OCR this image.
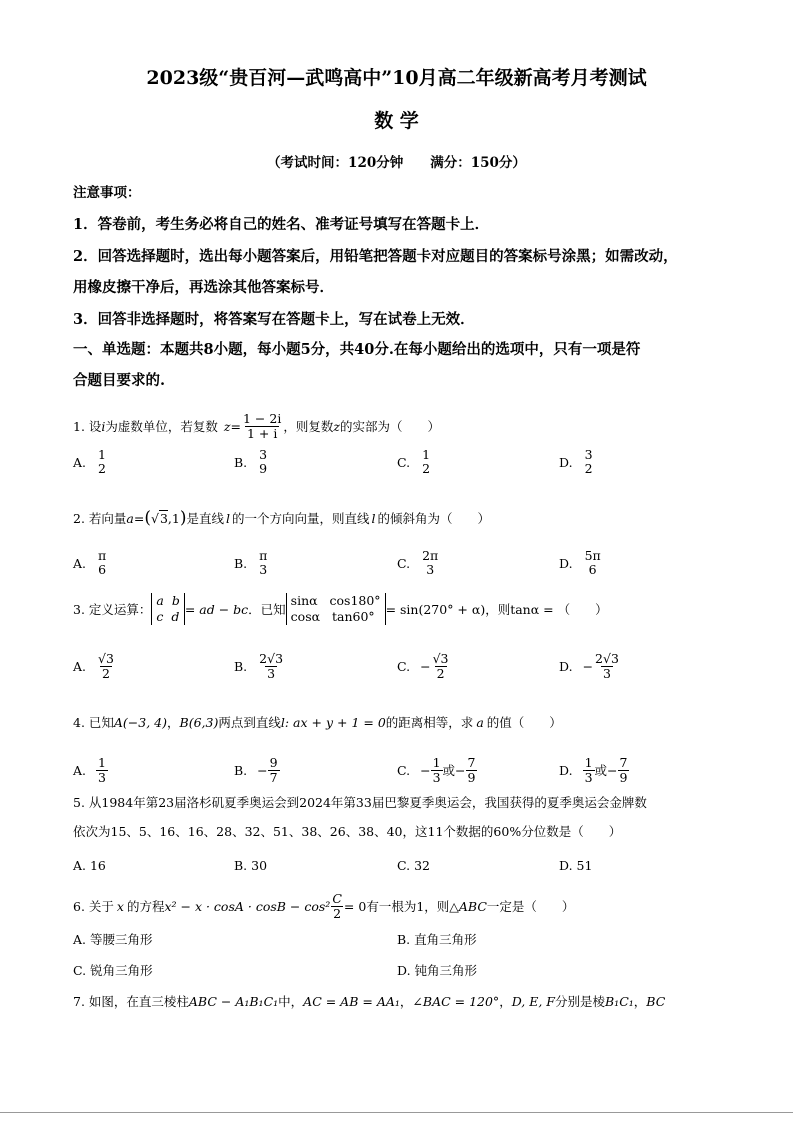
2023级“贵百河—武鸣高中”10月高二年级新高考月考测试
数 学
（考试时间：120分钟　　满分：150分）
注意事项：
1．答卷前，考生务必将自己的姓名、准考证号填写在答题卡上．
2．回答选择题时，选出每小题答案后，用铅笔把答题卡对应题目的答案标号涂黑；如需改动，
用橡皮擦干净后，再选涂其他答案标号．
3．回答非选择题时，将答案写在答题卡上，写在试卷上无效．
一、单选题：本题共8小题，每小题5分，共40分.在每小题给出的选项中，只有一项是符
合题目要求的.
1. 设 i 为虚数单位，若复数 $z = \frac{1 - 2i}{1 + i}$ ，则复数 z 的实部为（　　）
A. 1
2	B. 3
9	C. 1
2	D. 3
2
2. 若向量 a = ( √ 3 ,1 ) 是直线 l 的一个方向向量，则直线 l 的倾斜角为（　　）
A. π
6	B. π
3	C. 2π
3	D. 5π
6
3. 定义运算：
a b
c d = ad − bc ．已知
sinα cos180°
cosα tan60° = sin(270° + α) ，则tanα = （　　）
A. $\frac{√3}{2}$	B. $\frac{2√3}{3}$	C. − $\frac{√3}{2}$	D. − $\frac{2√3}{3}$
4. 已知 A(−3, 4) ， B(6,3) 两点到直线 l: ax + y + 1 = 0 的距离相等，求 a 的值（　　）
A. $\frac{1}{3}$	B. − $\frac{9}{7}$	C. − $\frac{1}{3}$ 或 − $\frac{7}{9}$	D. $\frac{1}{3}$ 或 − $\frac{7}{9}$
5. 从1984年第23届洛杉矶夏季奥运会到2024年第33届巴黎夏季奥运会，我国获得的夏季奥运会金牌数
依次为15、5、16、16、28、32、51、38、26、38、40，这11个数据的60%分位数是（　　）
A. 16	B. 30	C. 32	D. 51
6. 关于 x 的方程 $x^2 - x \cdot \cos A \cdot \cos B - \cos^2 \frac{C}{2} = 0$ 有一根为1，则 △ABC 一定是（　　）
A. 等腰三角形	B. 直角三角形
C. 锐角三角形	D. 钝角三角形
7. 如图，在直三棱柱ABC − A₁B₁C₁中，AC = AB = AA₁，∠BAC = 120°，D, E, F分别是棱B₁C₁，BC
